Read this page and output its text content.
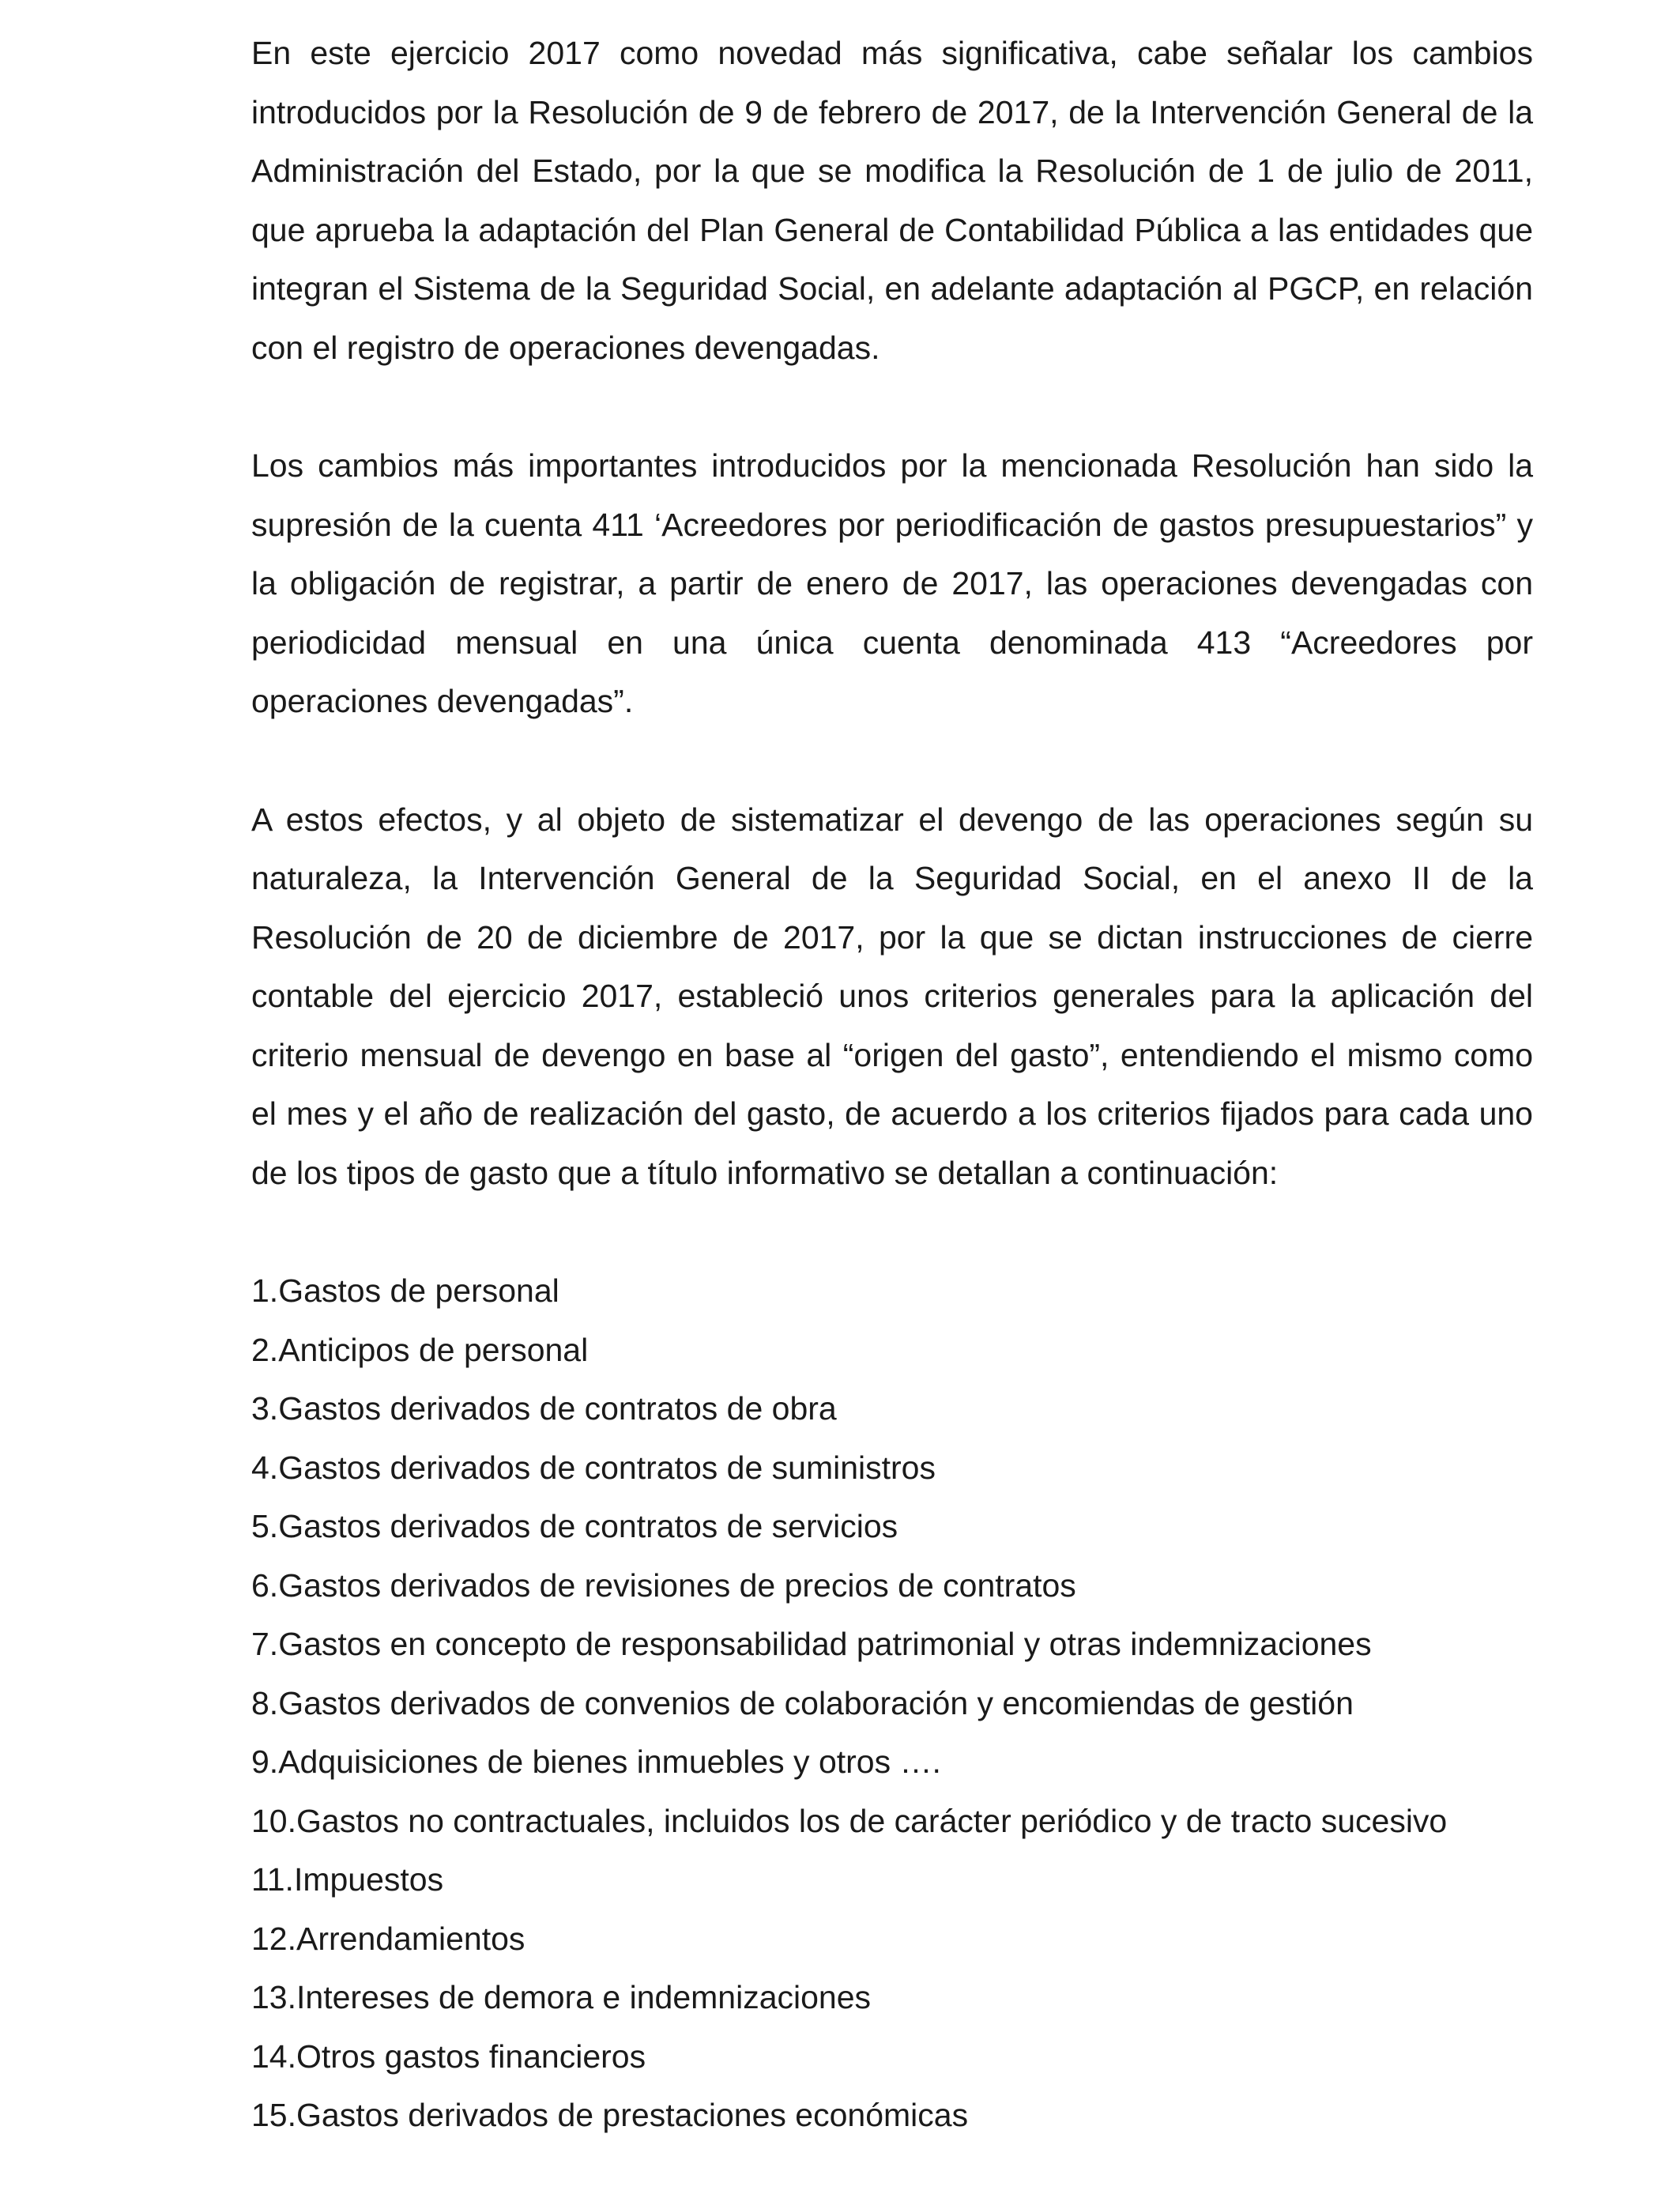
En este ejercicio 2017 como novedad más significativa, cabe señalar los cambios introducidos por la Resolución de 9 de febrero de 2017, de la Intervención General de la Administración del Estado, por la que se modifica la Resolución de 1 de julio de 2011, que aprueba la adaptación del Plan General de Contabilidad Pública a las entidades que integran el Sistema de la Seguridad Social, en adelante adaptación al PGCP, en relación con el registro de operaciones devengadas.

Los cambios más importantes introducidos por la mencionada Resolución han sido la supresión de la cuenta 411 ‘Acreedores por periodificación de gastos presupuestarios” y la obligación de registrar, a partir de enero de 2017, las operaciones devengadas con periodicidad mensual en una única cuenta denominada 413 “Acreedores por operaciones devengadas”.

A estos efectos, y al objeto de sistematizar el devengo de las operaciones según su naturaleza, la Intervención General de la Seguridad Social, en el anexo II de la Resolución de 20 de diciembre de 2017, por la que se dictan instrucciones de cierre contable del ejercicio 2017, estableció unos criterios generales para la aplicación del criterio mensual de devengo en base al “origen del gasto”, entendiendo el mismo como el mes y el año de realización del gasto, de acuerdo a los criterios fijados para cada uno de los tipos de gasto que a título informativo se detallan a continuación:

1.Gastos de personal
2.Anticipos de personal
3.Gastos derivados de contratos de obra
4.Gastos derivados de contratos de suministros
5.Gastos derivados de contratos de servicios
6.Gastos derivados de revisiones de precios de contratos
7.Gastos en concepto de responsabilidad patrimonial y otras indemnizaciones
8.Gastos derivados de convenios de colaboración y encomiendas de gestión
9.Adquisiciones de bienes inmuebles y otros ….
10.Gastos no contractuales, incluidos los de carácter periódico y de tracto sucesivo
11.Impuestos
12.Arrendamientos
13.Intereses de demora e indemnizaciones
14.Otros gastos financieros
15.Gastos derivados de prestaciones económicas
